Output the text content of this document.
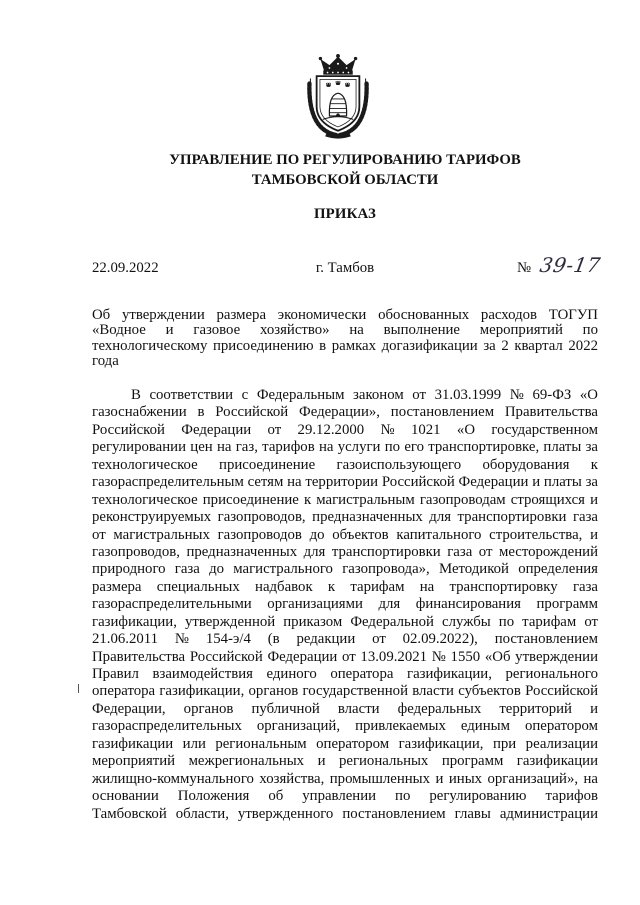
УПРАВЛЕНИЕ ПО РЕГУЛИРОВАНИЮ ТАРИФОВ
ТАМБОВСКОЙ ОБЛАСТИ
ПРИКАЗ
22.09.2022	г. Тамбов	№ 39-17
Об утверждении размера экономически обоснованных расходов ТОГУП
«Водное и газовое хозяйство» на выполнение мероприятий по
технологическому присоединению в рамках догазификации за 2 квартал 2022
года
В соответствии с Федеральным законом от 31.03.1999 № 69-ФЗ «О
газоснабжении в Российской Федерации», постановлением Правительства
Российской Федерации от 29.12.2000 № 1021 «О государственном
регулировании цен на газ, тарифов на услуги по его транспортировке, платы за
технологическое присоединение газоиспользующего оборудования к
газораспределительным сетям на территории Российской Федерации и платы за
технологическое присоединение к магистральным газопроводам строящихся и
реконструируемых газопроводов, предназначенных для транспортировки газа
от магистральных газопроводов до объектов капитального строительства, и
газопроводов, предназначенных для транспортировки газа от месторождений
природного газа до магистрального газопровода», Методикой определения
размера специальных надбавок к тарифам на транспортировку газа
газораспределительными организациями для финансирования программ
газификации, утвержденной приказом Федеральной службы по тарифам от
21.06.2011 № 154-э/4 (в редакции от 02.09.2022), постановлением
Правительства Российской Федерации от 13.09.2021 № 1550 «Об утверждении
Правил взаимодействия единого оператора газификации, регионального
оператора газификации, органов государственной власти субъектов Российской
Федерации, органов публичной власти федеральных территорий и
газораспределительных организаций, привлекаемых единым оператором
газификации или региональным оператором газификации, при реализации
мероприятий межрегиональных и региональных программ газификации
жилищно-коммунального хозяйства, промышленных и иных организаций», на
основании Положения об управлении по регулированию тарифов
Тамбовской области, утвержденного постановлением главы администрации
